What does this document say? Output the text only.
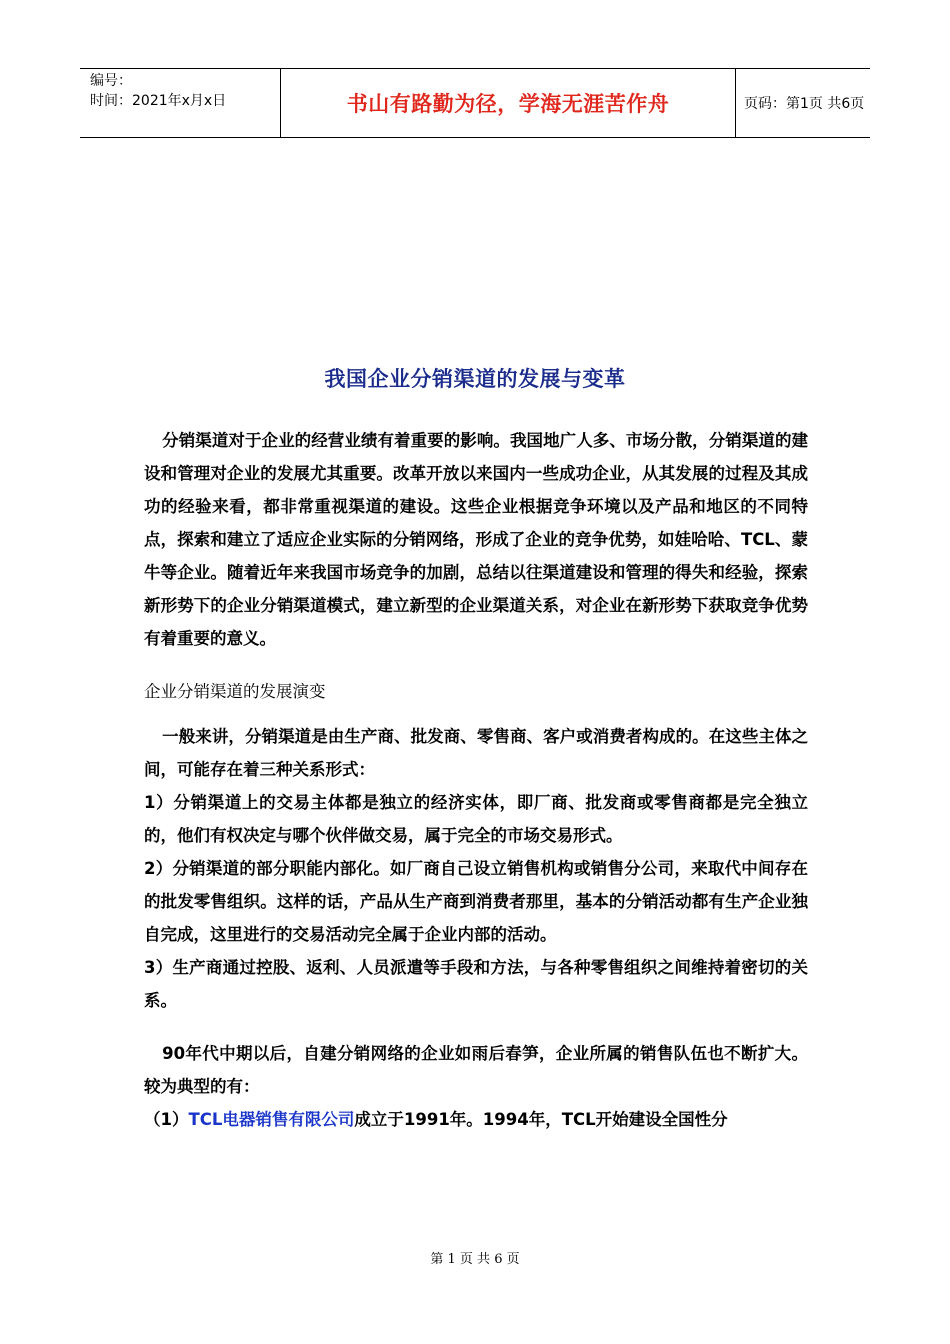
编号：
时间：2021年x月x日	书山有路勤为径，学海无涯苦作舟	页码：第1页 共6页
我国企业分销渠道的发展与变革

分销渠道对于企业的经营业绩有着重要的影响。我国地广人多、市场分散，分销渠道的建设和管理对企业的发展尤其重要。改革开放以来国内一些成功企业，从其发展的过程及其成功的经验来看，都非常重视渠道的建设。这些企业根据竞争环境以及产品和地区的不同特点，探索和建立了适应企业实际的分销网络，形成了企业的竞争优势，如娃哈哈、TCL、蒙牛等企业。随着近年来我国市场竞争的加剧，总结以往渠道建设和管理的得失和经验，探索新形势下的企业分销渠道模式，建立新型的企业渠道关系，对企业在新形势下获取竞争优势有着重要的意义。

企业分销渠道的发展演变

一般来讲，分销渠道是由生产商、批发商、零售商、客户或消费者构成的。在这些主体之间，可能存在着三种关系形式：

1）分销渠道上的交易主体都是独立的经济实体，即厂商、批发商或零售商都是完全独立的，他们有权决定与哪个伙伴做交易，属于完全的市场交易形式。

2）分销渠道的部分职能内部化。如厂商自己设立销售机构或销售分公司，来取代中间存在的批发零售组织。这样的话，产品从生产商到消费者那里，基本的分销活动都有生产企业独自完成，这里进行的交易活动完全属于企业内部的活动。

3）生产商通过控股、返利、人员派遣等手段和方法，与各种零售组织之间维持着密切的关系。

90年代中期以后，自建分销网络的企业如雨后春笋，企业所属的销售队伍也不断扩大。较为典型的有：

（1）TCL电器销售有限公司成立于1991年。1994年，TCL开始建设全国性分

第 1 页 共 6 页
